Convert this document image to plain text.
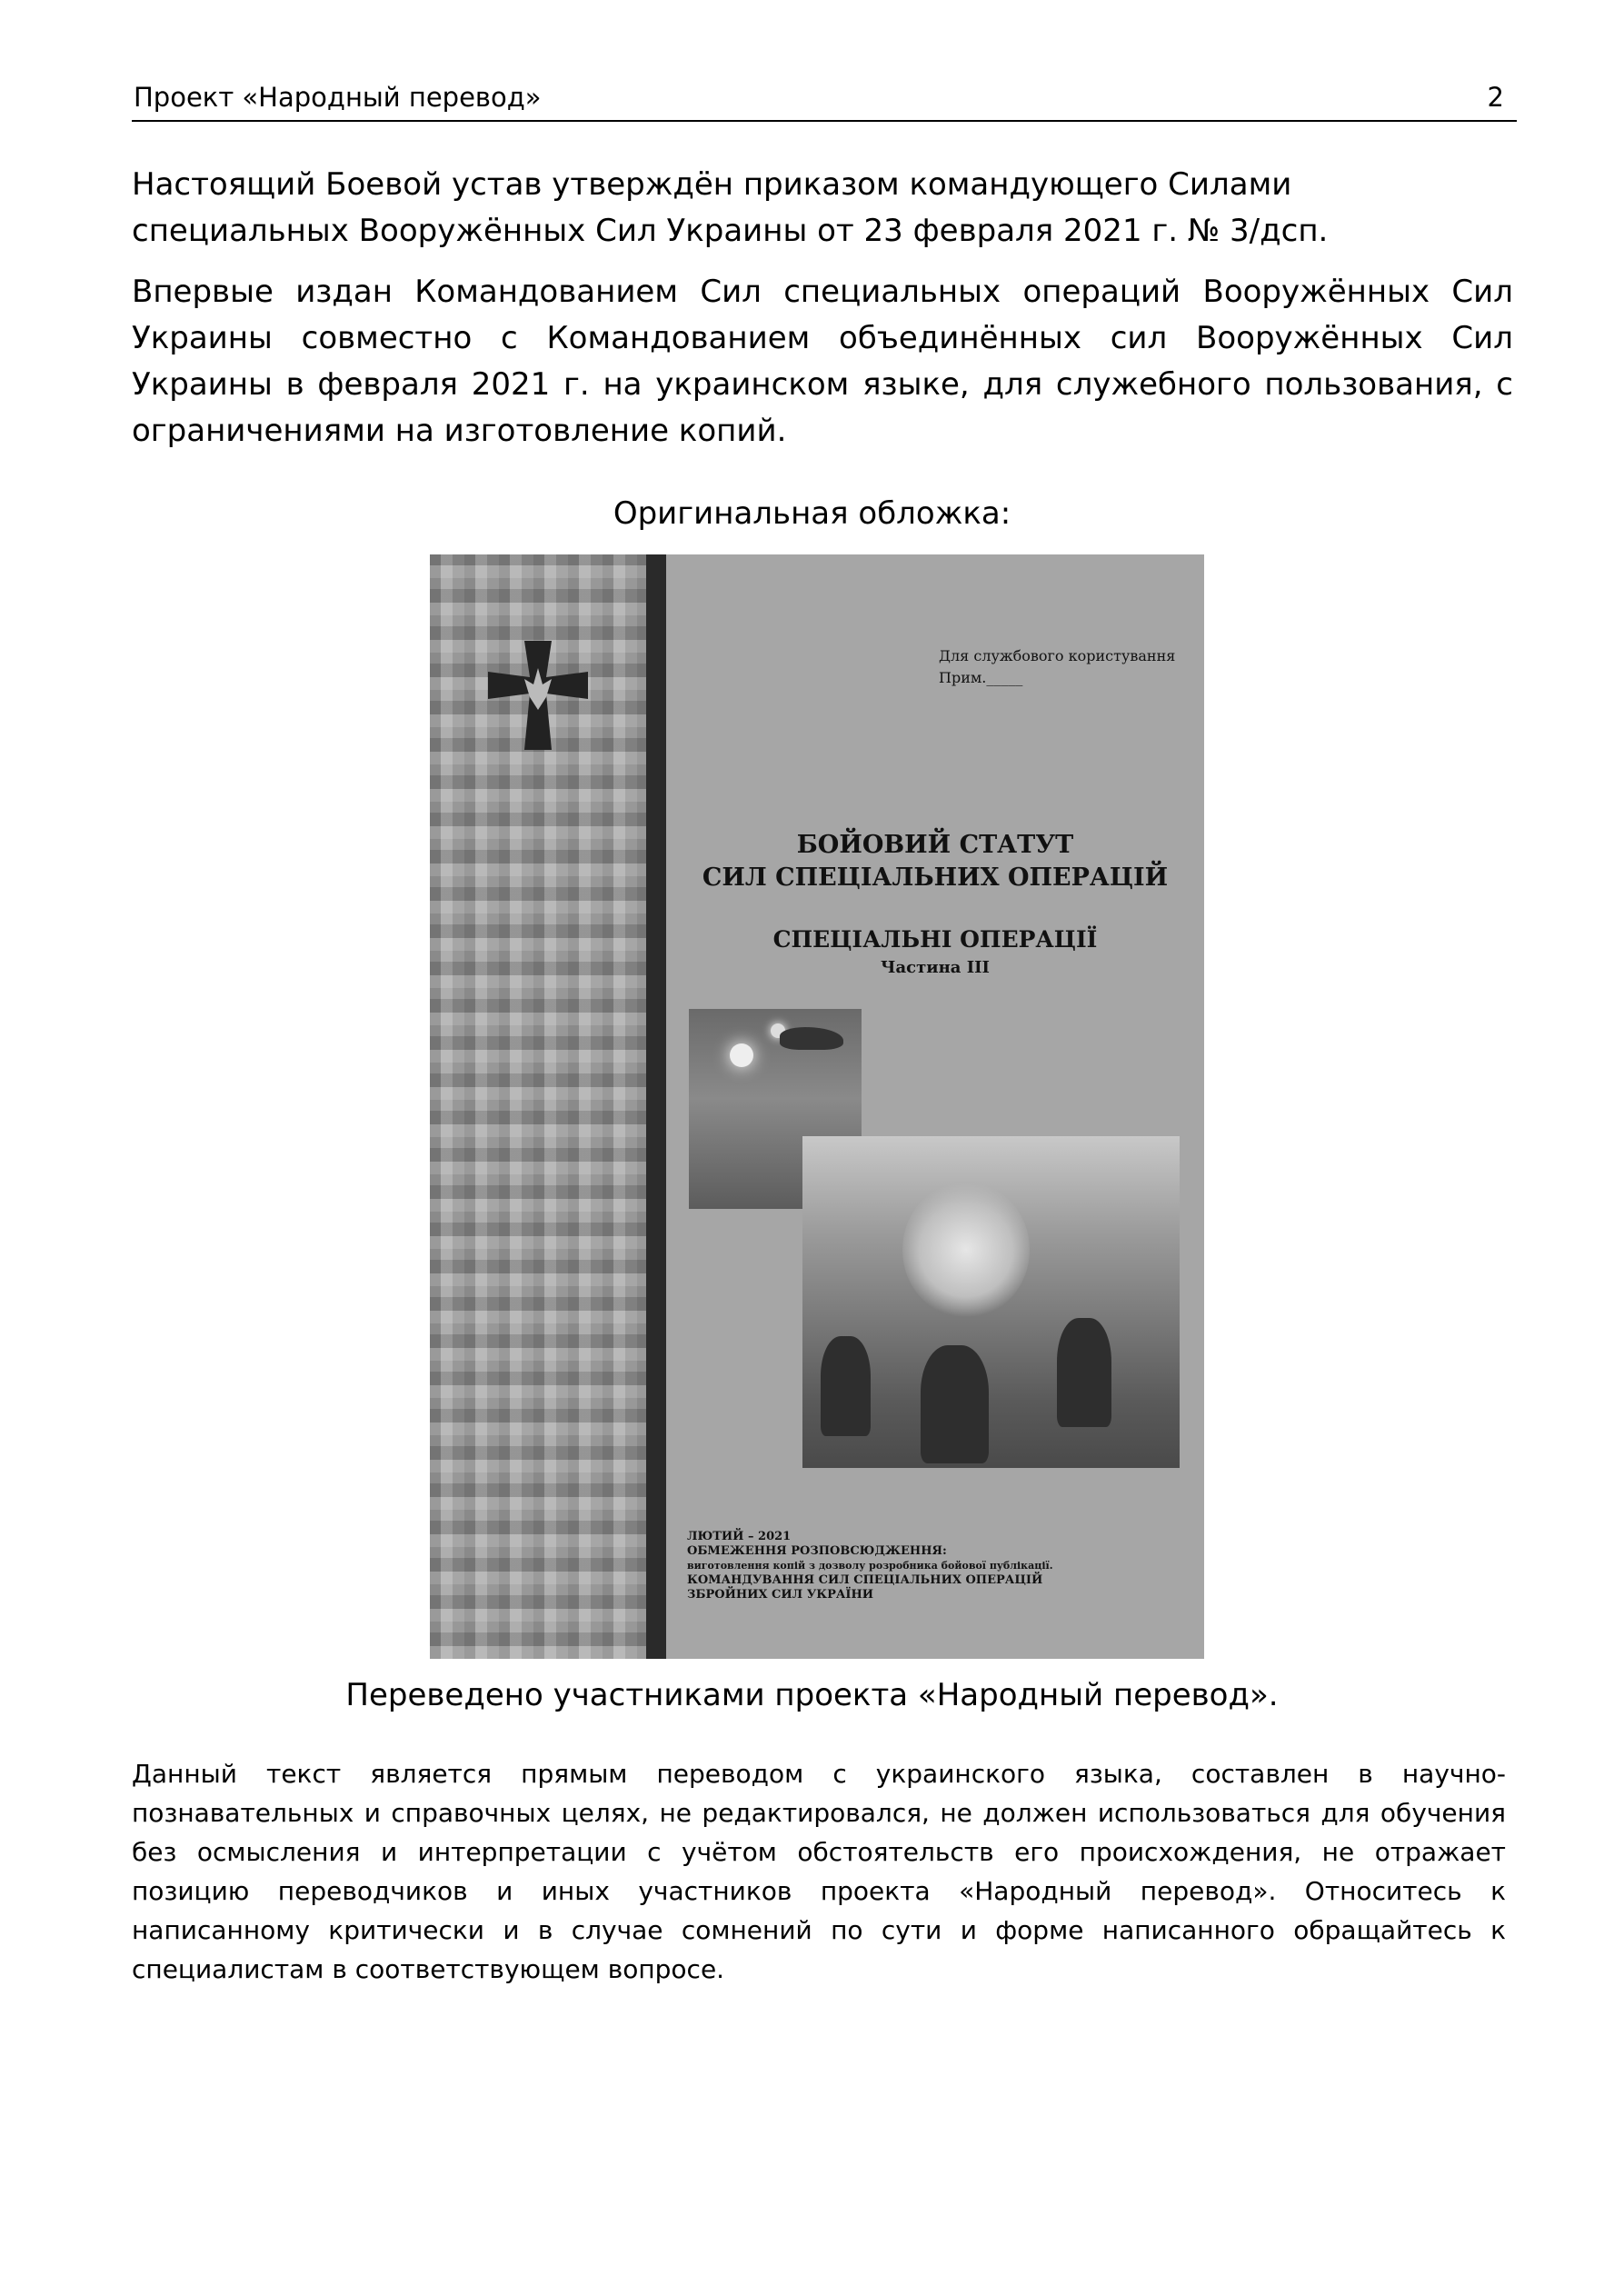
Проект «Народный перевод»	2
Настоящий Боевой устав утверждён приказом командующего Силами специальных Вооружённых Сил Украины от 23 февраля 2021 г. № 3/дсп.
Впервые издан Командованием Сил специальных операций Вооружённых Сил Украины совместно с Командованием объединённых сил Вооружённых Сил Украины в февраля 2021 г. на украинском языке, для служебного пользования, с ограничениями на изготовление копий.
Оригинальная обложка:
Для службового користування
Прим._____
БОЙОВИЙ СТАТУТ
СИЛ СПЕЦІАЛЬНИХ ОПЕРАЦІЙ
СПЕЦІАЛЬНІ ОПЕРАЦІЇ
Частина ІІІ
ЛЮТИЙ – 2021
ОБМЕЖЕННЯ РОЗПОВСЮДЖЕННЯ:
виготовлення копій з дозволу розробника бойової публікації.
КОМАНДУВАННЯ СИЛ СПЕЦІАЛЬНИХ ОПЕРАЦІЙ
ЗБРОЙНИХ СИЛ УКРАЇНИ
Переведено участниками проекта «Народный перевод».
Данный текст является прямым переводом с украинского языка, составлен в научно-познавательных и справочных целях, не редактировался, не должен использоваться для обучения без осмысления и интерпретации с учётом обстоятельств его происхождения, не отражает позицию переводчиков и иных участников проекта «Народный перевод». Относитесь к написанному критически и в случае сомнений по сути и форме написанного обращайтесь к специалистам в соответствующем вопросе.
